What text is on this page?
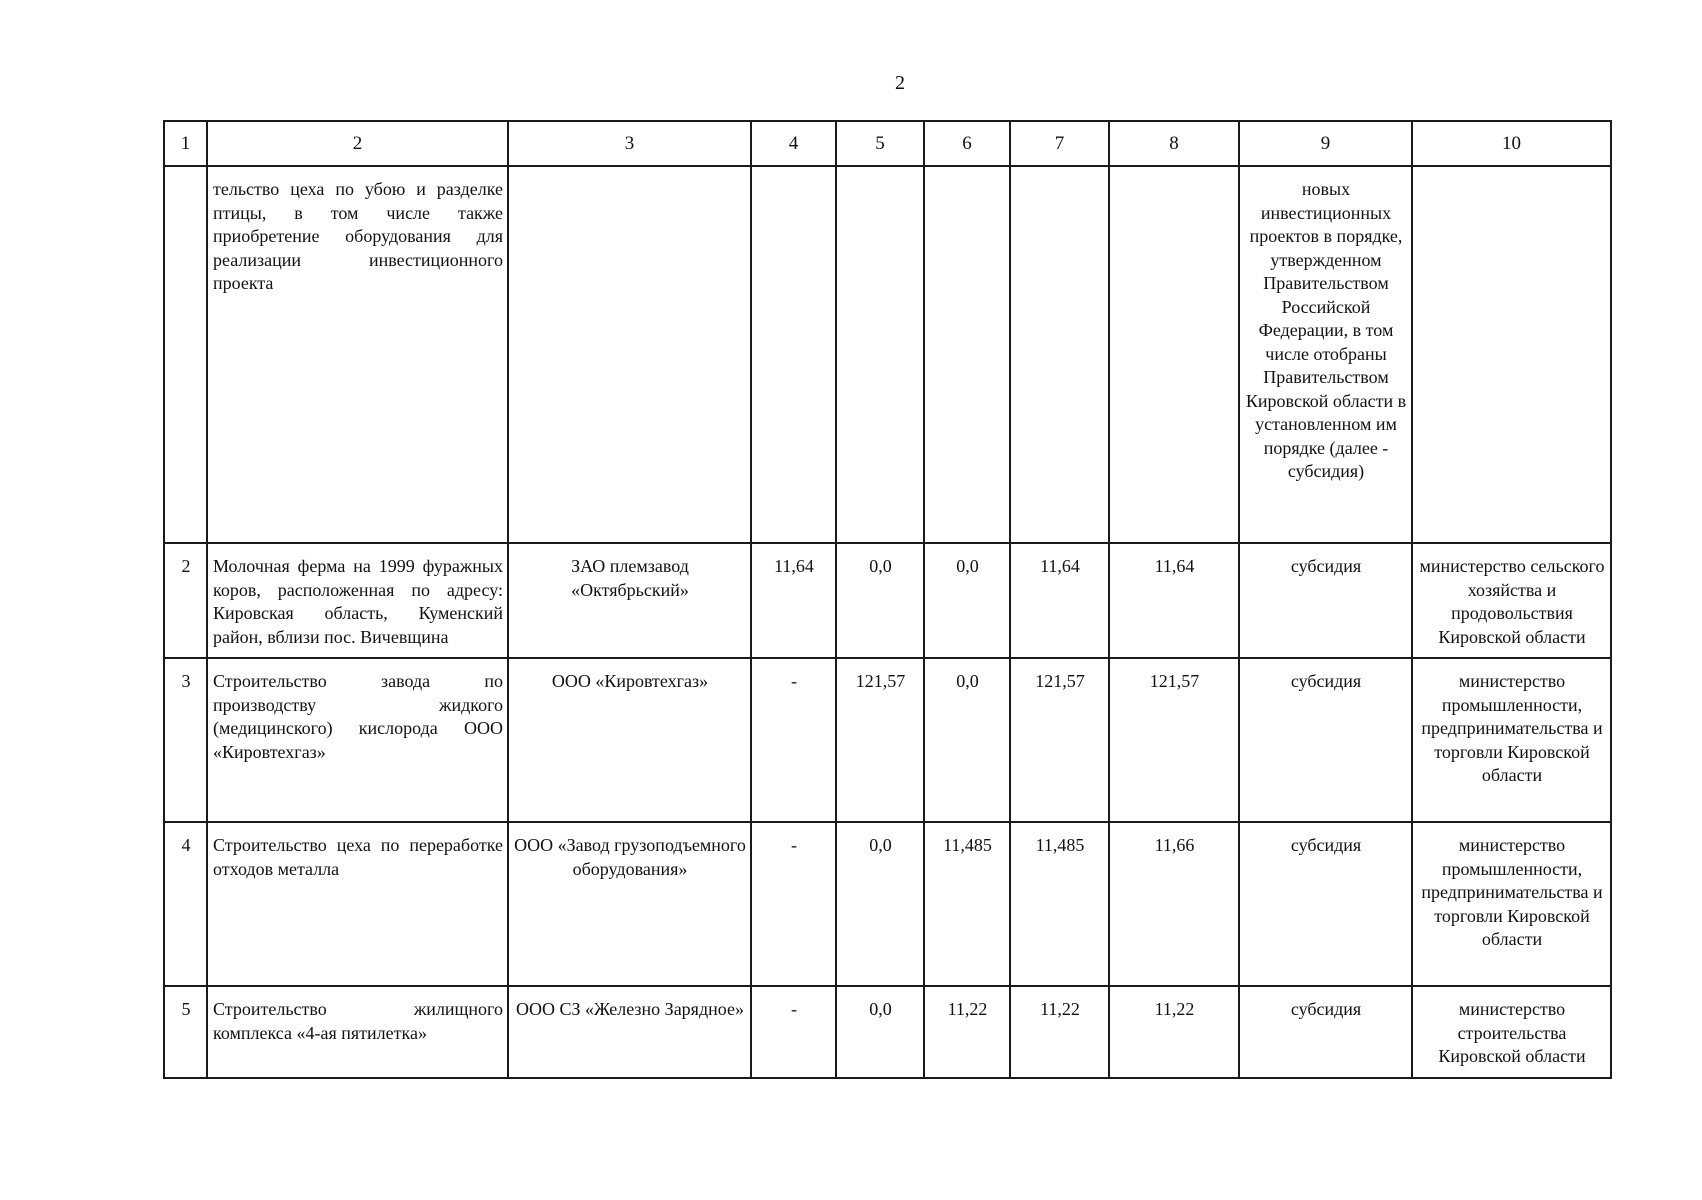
2
1	2	3	4	5	6	7	8	9	10
	тельство цеха по убою и разделке птицы, в том числе также приобретение оборудования для реализации инвестиционного проекта							новых инвестиционных проектов в порядке, утвержденном Правительством Российской Федерации, в том числе отобраны Правительством Кировской области в установленном им порядке (далее - субсидия)	
2	Молочная ферма на 1999 фуражных коров, расположенная по адресу: Кировская область, Куменский район, вблизи пос. Вичевщина	ЗАО племзавод «Октябрьский»	11,64	0,0	0,0	11,64	11,64	субсидия	министерство сельского хозяйства и продовольствия Кировской области
3	Строительство завода по производству жидкого (медицинского) кислорода ООО «Кировтехгаз»	ООО «Кировтехгаз»	-	121,57	0,0	121,57	121,57	субсидия	министерство промышленности, предпринимательства и торговли Кировской области
4	Строительство цеха по переработке отходов металла	ООО «Завод грузоподъемного оборудования»	-	0,0	11,485	11,485	11,66	субсидия	министерство промышленности, предпринимательства и торговли Кировской области
5	Строительство жилищного комплекса «4-ая пятилетка»	ООО СЗ «Железно Зарядное»	-	0,0	11,22	11,22	11,22	субсидия	министерство строительства Кировской области
